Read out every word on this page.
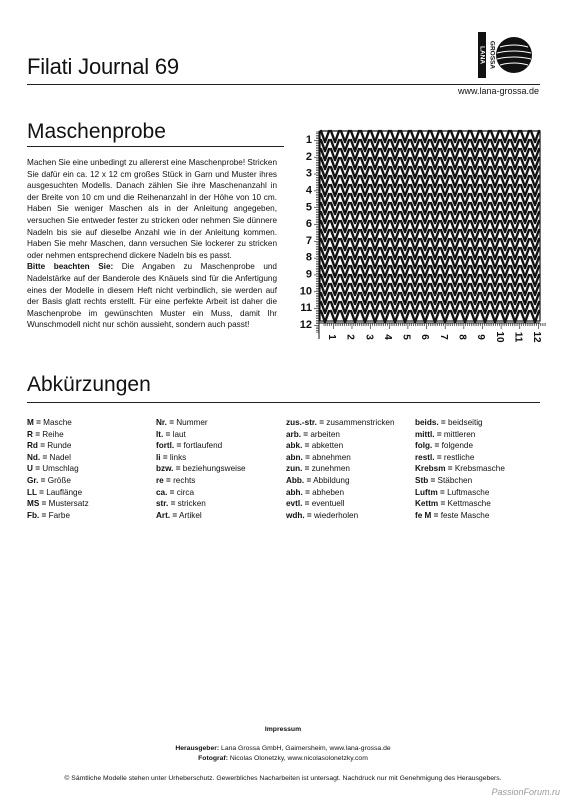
Filati Journal 69
www.lana-grossa.de
LANA GROSSA
Maschenprobe

Machen Sie eine unbedingt zu allererst eine Maschenprobe! Stricken Sie dafür ein ca. 12 x 12 cm großes Stück in Garn und Muster ihres ausgesuchten Modells. Danach zählen Sie ihre Maschenanzahl in der Breite von 10 cm und die Reihenanzahl in der Höhe von 10 cm. Haben Sie weniger Maschen als in der Anleitung angegeben, versuchen Sie entweder fester zu stricken oder nehmen Sie dünnere Nadeln bis sie auf dieselbe Anzahl wie in der Anleitung kommen. Haben Sie mehr Maschen, dann versuchen Sie lockerer zu stricken oder nehmen entsprechend dickere Nadeln bis es passt.

Bitte beachten Sie: Die Angaben zu Maschenprobe und Nadelstärke auf der Banderole des Knäuels sind für die Anfertigung eines der Modelle in diesem Heft nicht verbindlich, sie werden auf der Basis glatt rechts erstellt. Für eine perfekte Arbeit ist daher die Maschenprobe im gewünschten Muster ein Muss, damit Ihr Wunschmodell nicht nur schön aussieht, sondern auch passt!

1
2
3
4
5
6
7
8
9
10
11
12
1 2 3 4 5 6 7 8 9 10 11 12
Abkürzungen
M = Masche
R = Reihe
Rd = Runde
Nd. = Nadel
U = Umschlag
Gr. = Größe
LL = Lauflänge
MS = Mustersatz
Fb. = Farbe
Nr. = Nummer
lt. = laut
fortl. = fortlaufend
li = links
bzw. = beziehungsweise
re = rechts
ca. = circa
str. = stricken
Art. = Artikel
zus.-str. = zusammenstricken
arb. = arbeiten
abk. = abketten
abn. = abnehmen
zun. = zunehmen
Abb. = Abbildung
abh. = abheben
evtl. = eventuell
wdh. = wiederholen
beids. = beidseitig
mittl. = mittleren
folg. = folgende
restl. = restliche
Krebsm = Krebsmasche
Stb = Stäbchen
Luftm = Luftmasche
Kettm = Kettmasche
fe M = feste Masche
Impressum
Herausgeber: Lana Grossa GmbH, Gaimersheim, www.lana-grossa.de
Fotograf: Nicolas Olonetzky, www.nicolasolonetzky.com
© Sämtliche Modelle stehen unter Urheberschutz. Gewerbliches Nacharbeiten ist untersagt. Nachdruck nur mit Genehmigung des Herausgebers.
PassionForum.ru
